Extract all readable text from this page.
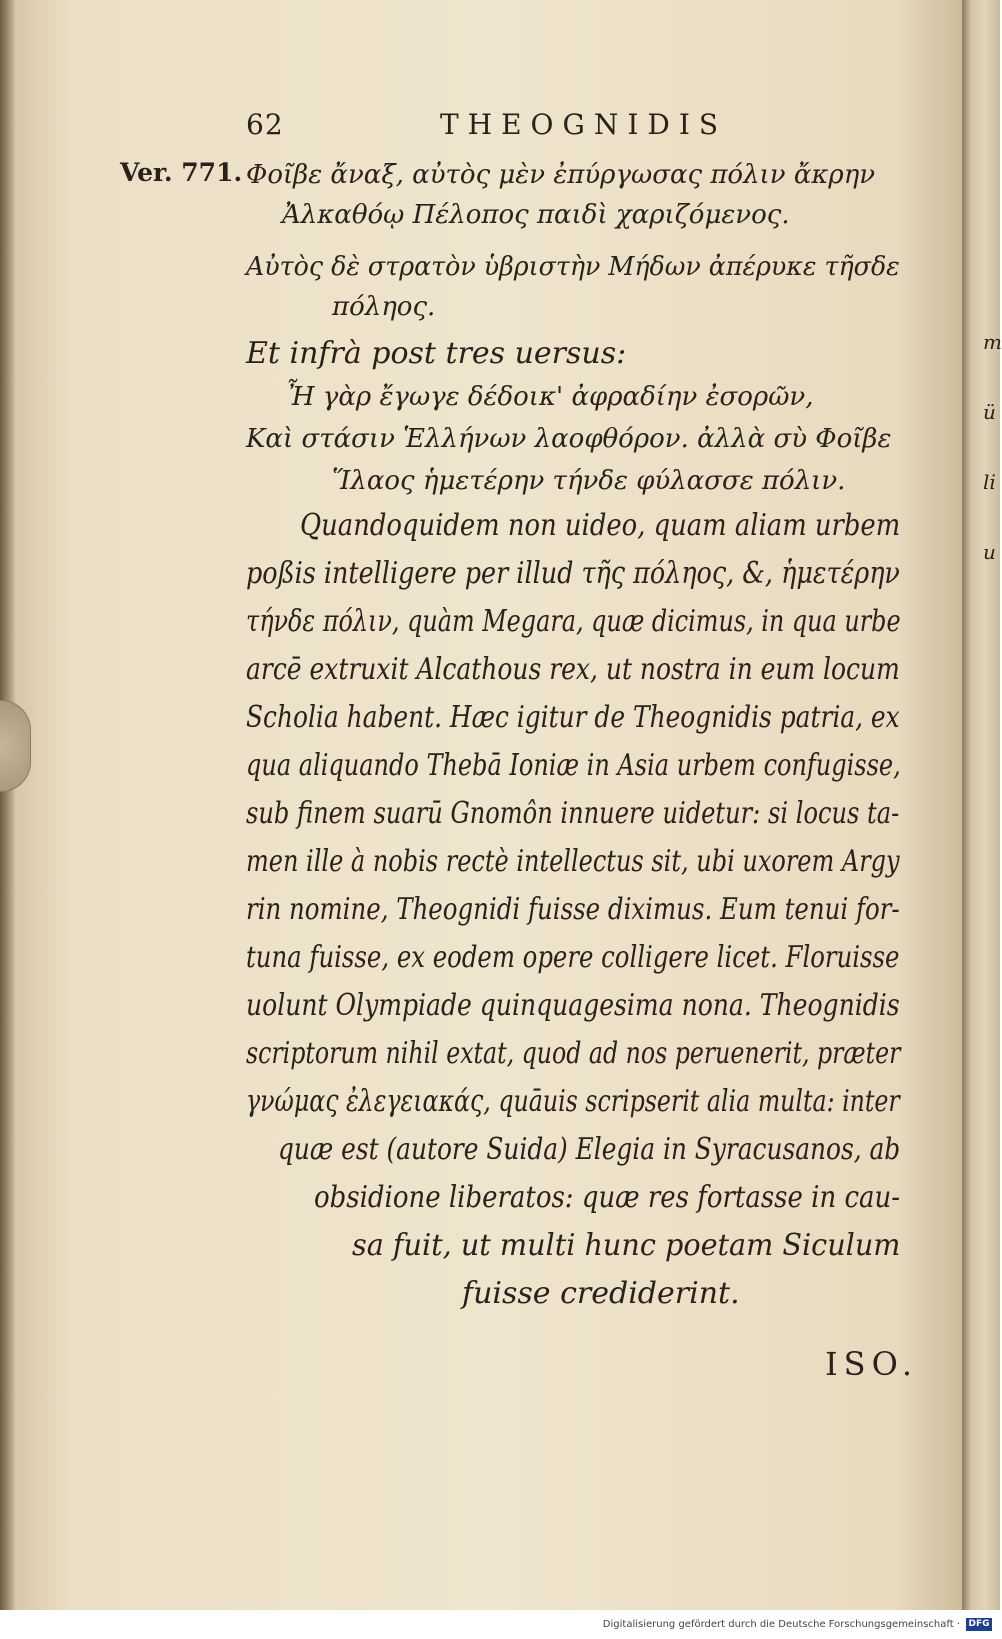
m
ü
li
u
62	THEOGNIDIS
Ver. 771. Φοῖβε ἄναξ, αὐτὸς μὲν ἐπύργωσας πόλιν ἄκρην
Ἀλκαθόῳ Πέλοπος παιδὶ χαριζόμενος.
Αὐτὸς δὲ στρατὸν ὑβριστὴν Μήδων ἀπέρυκε τῆσδε
πόληος.
Et infrà post tres uersus:
Ἦ γὰρ ἔγωγε δέδοικ' ἀφραδίην ἐσορῶν,
Καὶ στάσιν Ἑλλήνων λαοφθόρον. ἀλλὰ σὺ Φοῖβε
Ἵλαος ἡμετέρην τήνδε φύλασσε πόλιν.
Quandoquidem non uideo, quam aliam urbem
poßis intelligere per illud τῆς πόληος, &, ἡμετέρην
τήνδε πόλιν, quàm Megara, quæ dicimus, in qua urbe
arcē extruxit Alcathous rex, ut nostra in eum locum
Scholia habent. Hæc igitur de Theognidis patria, ex
qua aliquando Thebā Ioniæ in Asia urbem confugisse,
sub finem suarū Gnomôn innuere uidetur: si locus ta-
men ille à nobis rectè intellectus sit, ubi uxorem Argy
rin nomine, Theognidi fuisse diximus. Eum tenui for-
tuna fuisse, ex eodem opere colligere licet. Floruisse
uolunt Olympiade quinquagesima nona. Theognidis
scriptorum nihil extat, quod ad nos peruenerit, præter
γνώμας ἐλεγειακάς, quāuis scripserit alia multa: inter
quæ est (autore Suida) Elegia in Syracusanos, ab
obsidione liberatos: quæ res fortasse in cau-
sa fuit, ut multi hunc poetam Siculum
fuisse crediderint.
ISO.
Digitalisierung gefördert durch die Deutsche Forschungsgemeinschaft · DFG
